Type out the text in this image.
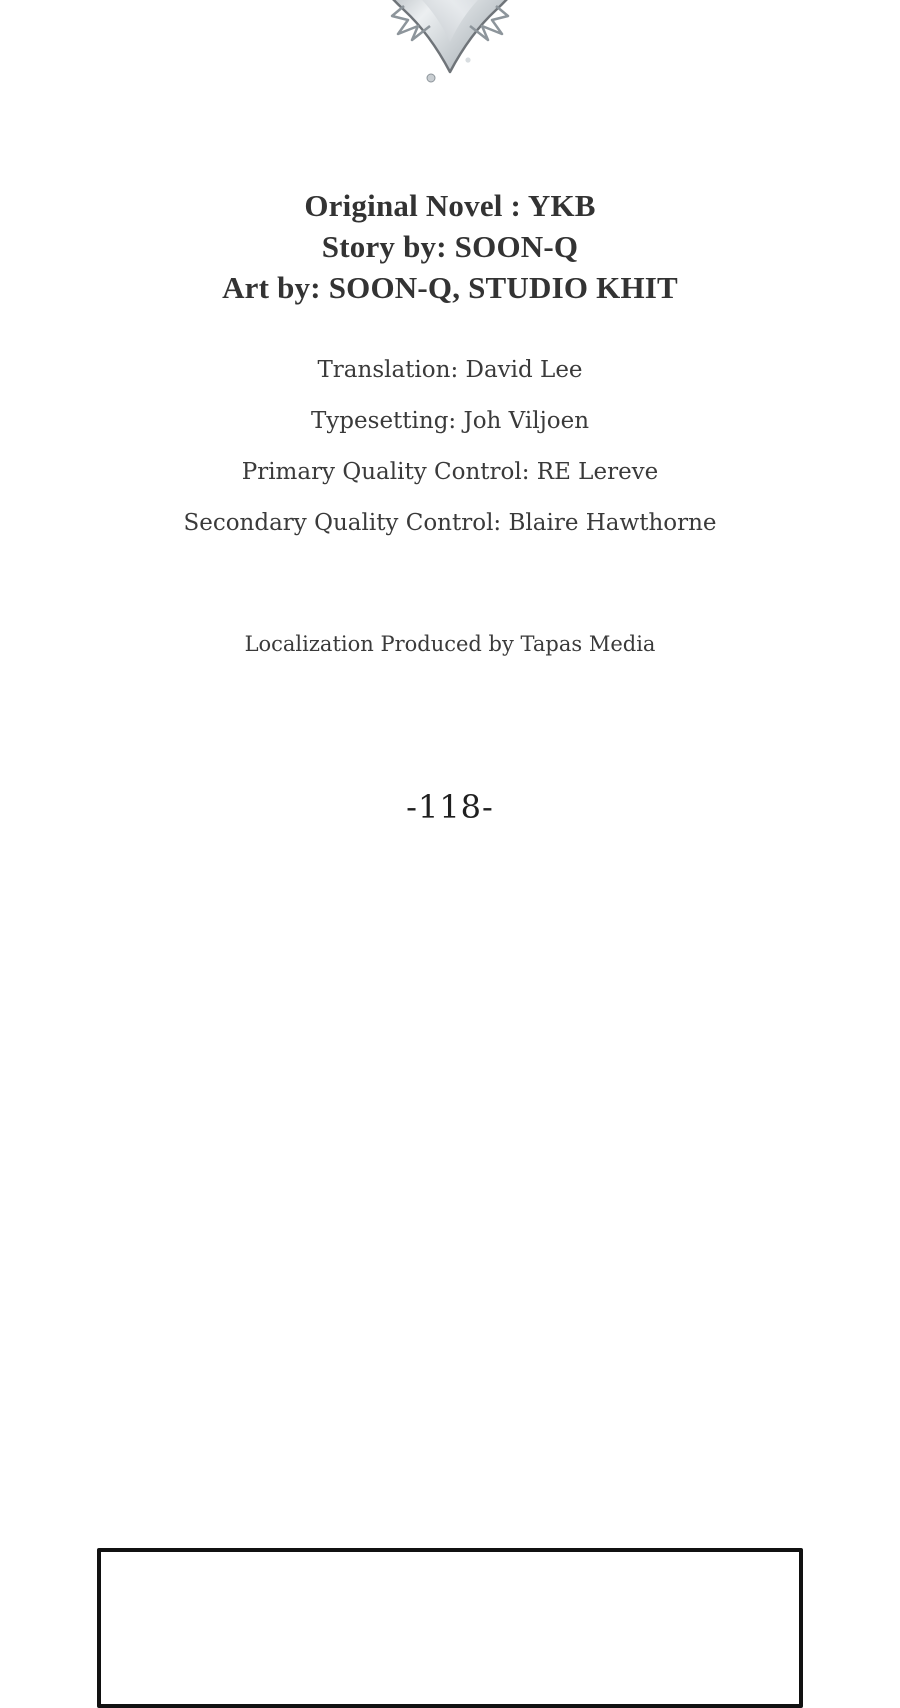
Original Novel : YKB
Story by: SOON-Q
Art by: SOON-Q, STUDIO KHIT
Translation: David Lee
Typesetting: Joh Viljoen
Primary Quality Control: RE Lereve
Secondary Quality Control: Blaire Hawthorne
Localization Produced by Tapas Media
-118-
